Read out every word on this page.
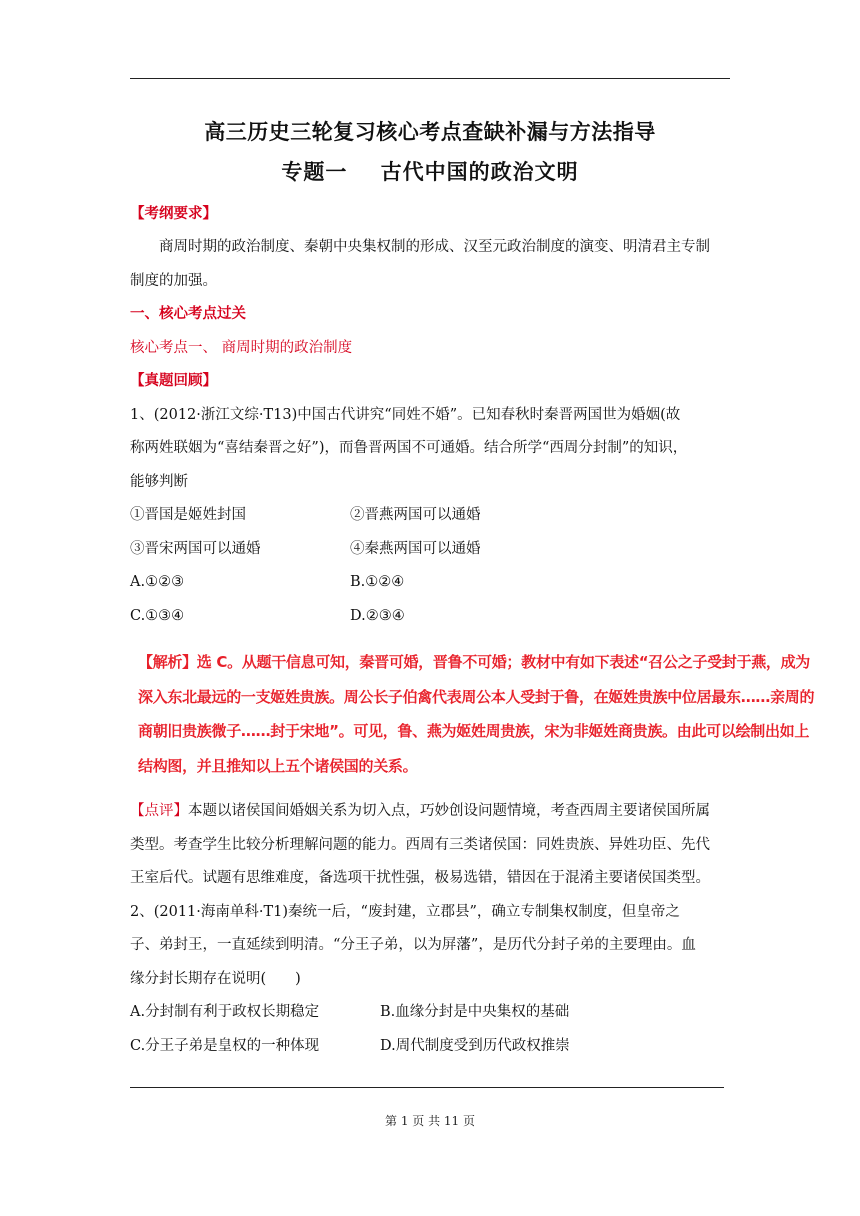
高三历史三轮复习核心考点查缺补漏与方法指导
专题一 古代中国的政治文明
【考纲要求】
商周时期的政治制度、秦朝中央集权制的形成、汉至元政治制度的演变、明清君主专制
制度的加强。
一、核心考点过关
核心考点一、 商周时期的政治制度
【真题回顾】
1、(2012·浙江文综·T13)中国古代讲究“同姓不婚”。已知春秋时秦晋两国世为婚姻(故
称两姓联姻为“喜结秦晋之好”)，而鲁晋两国不可通婚。结合所学“西周分封制”的知识，
能够判断
①晋国是姬姓封国	②晋燕两国可以通婚
③晋宋两国可以通婚	④秦燕两国可以通婚
A.①②③	B.①②④
C.①③④	D.②③④
【解析】选 C。从题干信息可知，秦晋可婚，晋鲁不可婚；教材中有如下表述“召公之子受封于燕，成为
深入东北最远的一支姬姓贵族。周公长子伯禽代表周公本人受封于鲁，在姬姓贵族中位居最东……亲周的
商朝旧贵族微子……封于宋地”。可见，鲁、燕为姬姓周贵族，宋为非姬姓商贵族。由此可以绘制出如上
结构图，并且推知以上五个诸侯国的关系。
【点评】本题以诸侯国间婚姻关系为切入点，巧妙创设问题情境，考查西周主要诸侯国所属
类型。考查学生比较分析理解问题的能力。西周有三类诸侯国：同姓贵族、异姓功臣、先代
王室后代。试题有思维难度，备选项干扰性强，极易选错，错因在于混淆主要诸侯国类型。
2、(2011·海南单科·T1)秦统一后，“废封建，立郡县”，确立专制集权制度，但皇帝之
子、弟封王，一直延续到明清。“分王子弟，以为屏藩”，是历代分封子弟的主要理由。血
缘分封长期存在说明(　　)
A.分封制有利于政权长期稳定	B.血缘分封是中央集权的基础
C.分王子弟是皇权的一种体现	D.周代制度受到历代政权推崇
第 1 页 共 11 页
